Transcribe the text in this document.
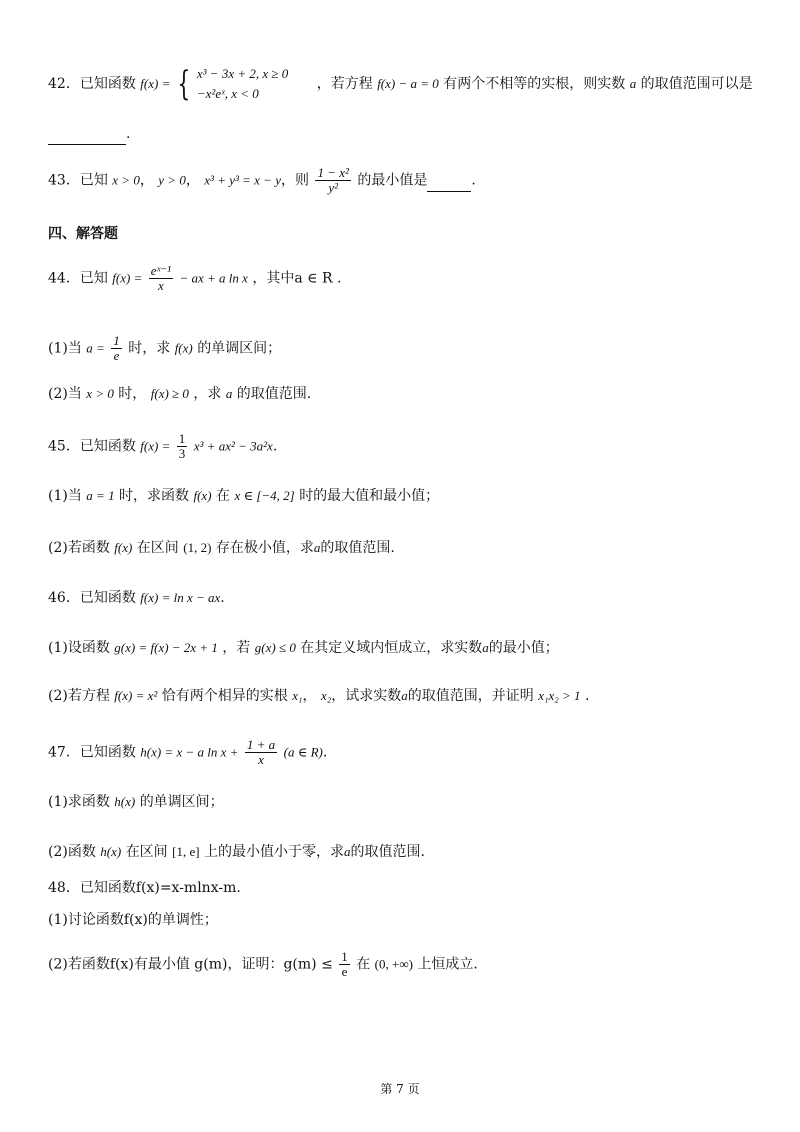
42．已知函数 f(x) = { x³ − 3x + 2, x ≥ 0
−x²eˣ, x < 0
，若方程 f(x) − a = 0 有两个不相等的实根，则实数 a 的取值范围可以是
.
43．已知 x > 0， y > 0， x³ + y³ = x − y，则 $\frac{\text{1 − x²}}{\text{y²}}$ 的最小值是	.
四、解答题
44．已知 $f(x) = \frac{\text{eˣ⁻¹}}{x}$ − ax + a ln x ，其中a ∈ R .
(1)当 $a = \frac{1}{e}$ 时，求 f(x) 的单调区间；
(2)当 x > 0 时， f(x) ≥ 0 ，求 a 的取值范围.
45．已知函数 $f(x) = \frac{1}{3} x^3 + ax^2 - 3a^2x$.
(1)当 a = 1 时，求函数 f(x) 在 x ∈ [−4, 2] 时的最大值和最小值；
(2)若函数 f(x) 在区间 (1, 2) 存在极小值，求a的取值范围.
46．已知函数 f(x) = ln x − ax.
(1)设函数 g(x) = f(x) − 2x + 1 ，若 g(x) ≤ 0 在其定义域内恒成立，求实数a的最小值；
(2)若方程 f(x) = x² 恰有两个相异的实根 x₁， x₂，试求实数a的取值范围，并证明 x₁x₂ > 1 .
47．已知函数 h(x) = x − a $\ln x + \frac{1 + a}{x} (a$ ∈ R).
(1)求函数 h(x) 的单调区间；
(2)函数 h(x) 在区间 [1, e] 上的最小值小于零，求a的取值范围.
48．已知函数f(x)=x-mlnx-m.
(1)讨论函数f(x)的单调性；
(2)若函数f(x)有最小值 g(m)，证明：$g(m) \le \frac{1}{e}$ 在 (0, +∞) 上恒成立.
第 7 页
